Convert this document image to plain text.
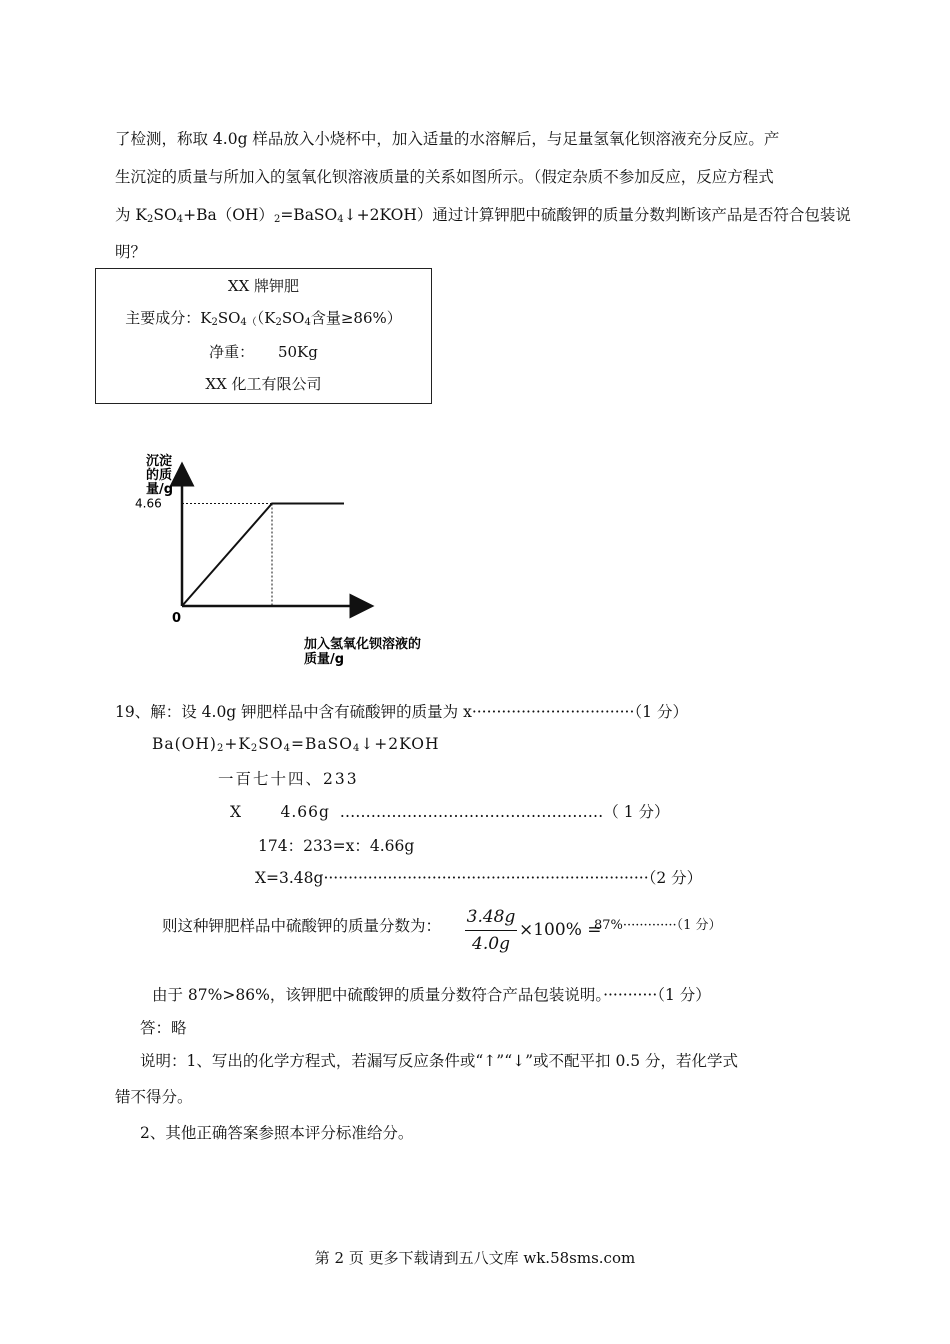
了检测，称取 4.0g 样品放入小烧杯中，加入适量的水溶解后，与足量氢氧化钡溶液充分反应。产
生沉淀的质量与所加入的氢氧化钡溶液质量的关系如图所示。（假定杂质不参加反应，反应方程式
为 $K_2SO_4+Ba(OH)_2=BaSO_4↓+2KOH$）通过计算钾肥中硫酸钾的质量分数判断该产品是否符合包装说
明？
XX 牌钾肥
主要成分：$K_2SO_{4(}(K_2SO_4$含量≥86%）
净重： 50Kg
XX 化工有限公司
沉淀
的质
量/g
4.66
0
加入氢氧化钡溶液的
质量/g
19、解：设 4.0g 钾肥样品中含有硫酸钾的质量为 x·································（1 分）
$Ba(OH)_2+K_2SO_4=BaSO_4↓+2KOH$
一百七十四、233
X	4.66g ……………………………………………（ 1 分）
174：233=x：4.66g
X=3.48g··································································（2 分）
则这种钾肥样品中硫酸钾的质量分数为： $\frac{3.48g}{4.0g} \times 100\%$ =
87%·············（1 分）
由于 87%>86%，该钾肥中硫酸钾的质量分数符合产品包装说明。···········（1 分）
答：略
说明：1、写出的化学方程式，若漏写反应条件或“↑”“↓”或不配平扣 0.5 分，若化学式
错不得分。
2、其他正确答案参照本评分标准给分。
第 2 页 更多下载请到五八文库 wk.58sms.com
